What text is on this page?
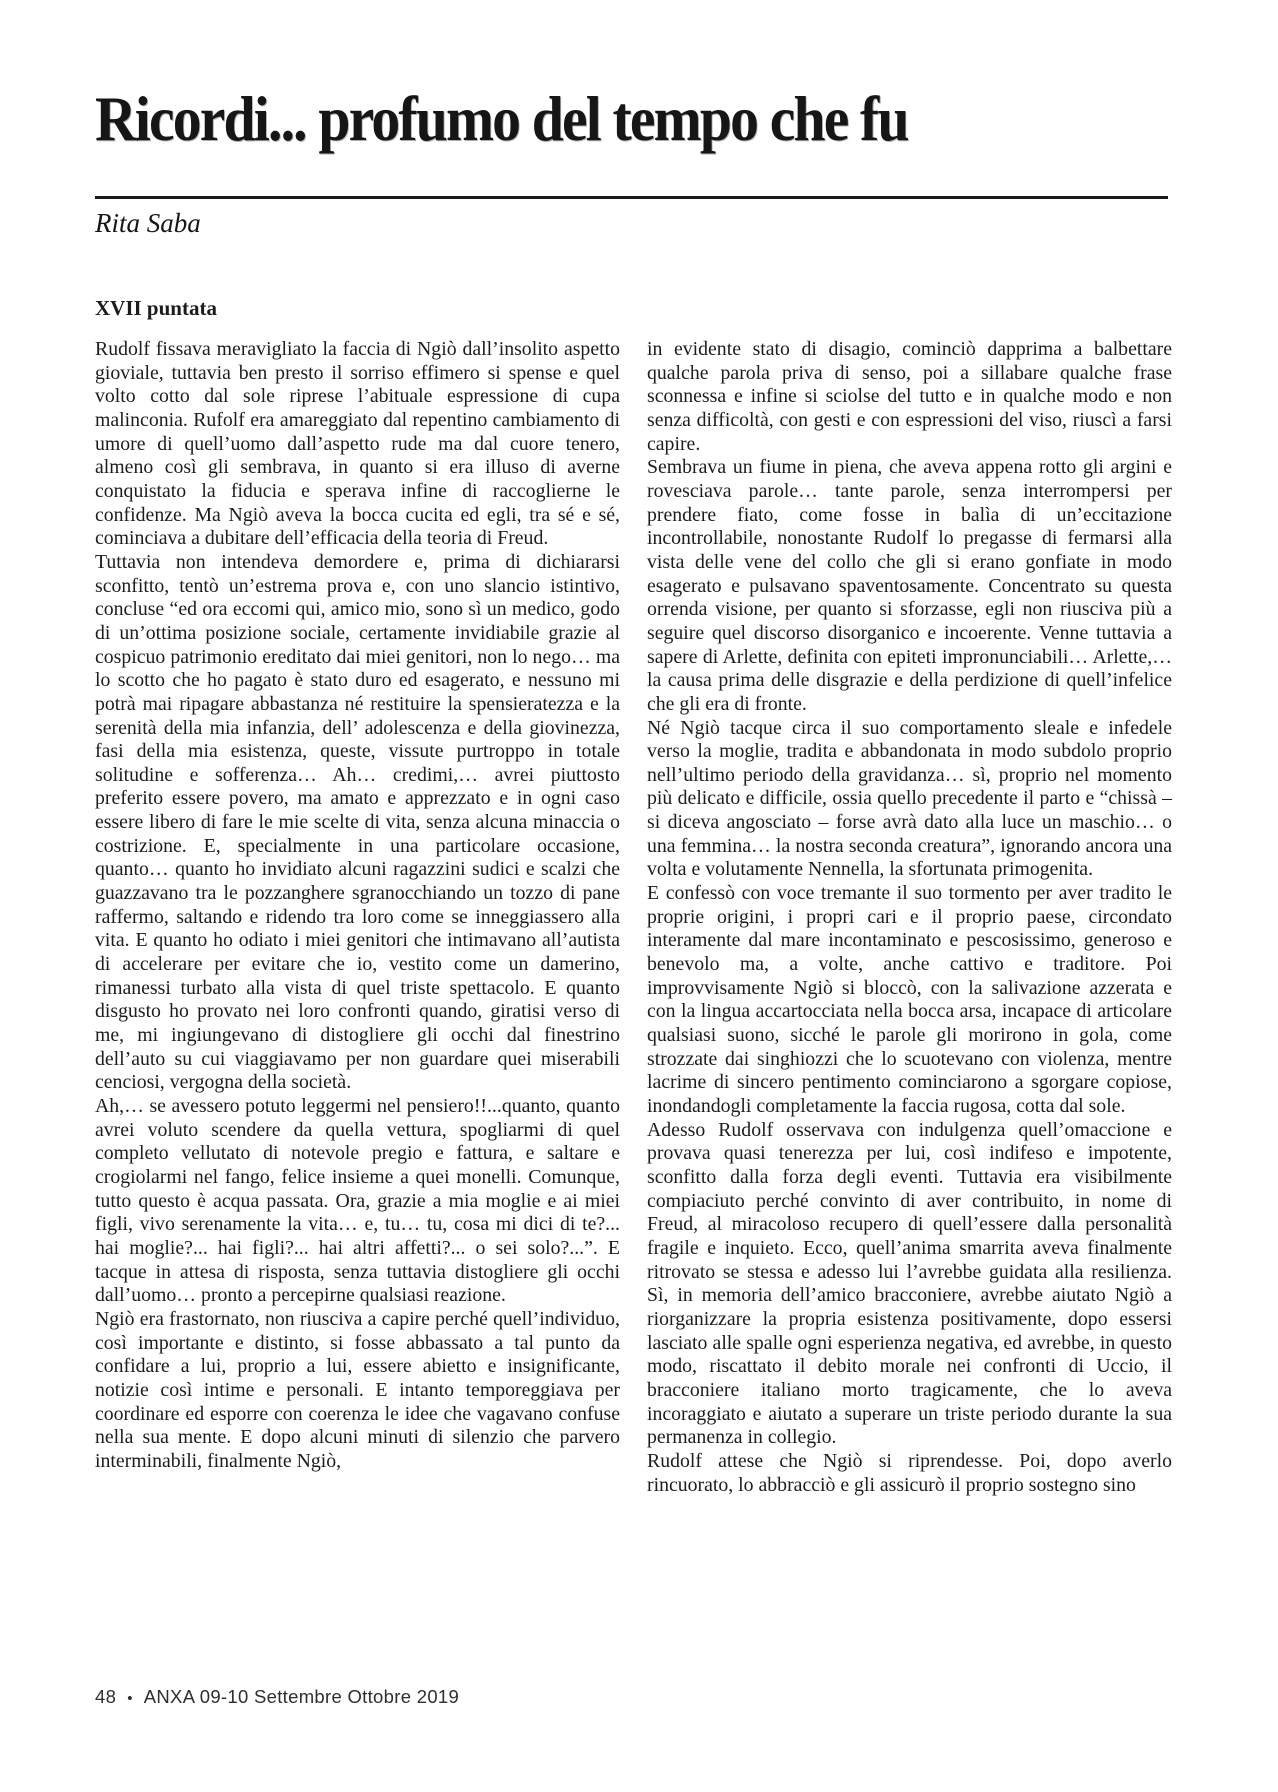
Ricordi... profumo del tempo che fu
Rita Saba
XVII puntata

Rudolf fissava meravigliato la faccia di Ngiò dall’insolito aspetto gioviale, tuttavia ben presto il sorriso effimero si spense e quel volto cotto dal sole riprese l’abituale espressione di cupa malinconia. Rufolf era amareggiato dal repentino cambiamento di umore di quell’uomo dall’aspetto rude ma dal cuore tenero, almeno così gli sembrava, in quanto si era illuso di averne conquistato la fiducia e sperava infine di raccoglierne le confidenze. Ma Ngiò aveva la bocca cucita ed egli, tra sé e sé, cominciava a dubitare dell’efficacia della teoria di Freud.

Tuttavia non intendeva demordere e, prima di dichiararsi sconfitto, tentò un’estrema prova e, con uno slancio istintivo, concluse “ed ora eccomi qui, amico mio, sono sì un medico, godo di un’ottima posizione sociale, certamente invidiabile grazie al cospicuo patrimonio ereditato dai miei genitori, non lo nego… ma lo scotto che ho pagato è stato duro ed esagerato, e nessuno mi potrà mai ripagare abbastanza né restituire la spensieratezza e la serenità della mia infanzia, dell’ adolescenza e della giovinezza, fasi della mia esistenza, queste, vissute purtroppo in totale solitudine e sofferenza… Ah… credimi,… avrei piuttosto preferito essere povero, ma amato e apprezzato e in ogni caso essere libero di fare le mie scelte di vita, senza alcuna minaccia o costrizione. E, specialmente in una particolare occasione, quanto… quanto ho invidiato alcuni ragazzini sudici e scalzi che guazzavano tra le pozzanghere sgranocchiando un tozzo di pane raffermo, saltando e ridendo tra loro come se inneggiassero alla vita. E quanto ho odiato i miei genitori che intimavano all’autista di accelerare per evitare che io, vestito come un damerino, rimanessi turbato alla vista di quel triste spettacolo. E quanto disgusto ho provato nei loro confronti quando, giratisi verso di me, mi ingiungevano di distogliere gli occhi dal finestrino dell’auto su cui viaggiavamo per non guardare quei miserabili cenciosi, vergogna della società.

Ah,… se avessero potuto leggermi nel pensiero!!...quanto, quanto avrei voluto scendere da quella vettura, spogliarmi di quel completo vellutato di notevole pregio e fattura, e saltare e crogiolarmi nel fango, felice insieme a quei monelli. Comunque, tutto questo è acqua passata. Ora, grazie a mia moglie e ai miei figli, vivo serenamente la vita… e, tu… tu, cosa mi dici di te?... hai moglie?... hai figli?... hai altri affetti?... o sei solo?...”. E tacque in attesa di risposta, senza tuttavia distogliere gli occhi dall’uomo… pronto a percepirne qualsiasi reazione.

Ngiò era frastornato, non riusciva a capire perché quell’individuo, così importante e distinto, si fosse abbassato a tal punto da confidare a lui, proprio a lui, essere abietto e insignificante, notizie così intime e personali. E intanto temporeggiava per coordinare ed esporre con coerenza le idee che vagavano confuse nella sua mente. E dopo alcuni minuti di silenzio che parvero interminabili, finalmente Ngiò,

in evidente stato di disagio, cominciò dapprima a balbettare qualche parola priva di senso, poi a sillabare qualche frase sconnessa e infine si sciolse del tutto e in qualche modo e non senza difficoltà, con gesti e con espressioni del viso, riuscì a farsi capire.

Sembrava un fiume in piena, che aveva appena rotto gli argini e rovesciava parole… tante parole, senza interrompersi per prendere fiato, come fosse in balìa di un’eccitazione incontrollabile, nonostante Rudolf lo pregasse di fermarsi alla vista delle vene del collo che gli si erano gonfiate in modo esagerato e pulsavano spaventosamente. Concentrato su questa orrenda visione, per quanto si sforzasse, egli non riusciva più a seguire quel discorso disorganico e incoerente. Venne tuttavia a sapere di Arlette, definita con epiteti impronunciabili… Arlette,… la causa prima delle disgrazie e della perdizione di quell’infelice che gli era di fronte.

Né Ngiò tacque circa il suo comportamento sleale e infedele verso la moglie, tradita e abbandonata in modo subdolo proprio nell’ultimo periodo della gravidanza… sì, proprio nel momento più delicato e difficile, ossia quello precedente il parto e “chissà – si diceva angosciato – forse avrà dato alla luce un maschio… o una femmina… la nostra seconda creatura”, ignorando ancora una volta e volutamente Nennella, la sfortunata primogenita.

E confessò con voce tremante il suo tormento per aver tradito le proprie origini, i propri cari e il proprio paese, circondato interamente dal mare incontaminato e pescosissimo, generoso e benevolo ma, a volte, anche cattivo e traditore. Poi improvvisamente Ngiò si bloccò, con la salivazione azzerata e con la lingua accartocciata nella bocca arsa, incapace di articolare qualsiasi suono, sicché le parole gli morirono in gola, come strozzate dai singhiozzi che lo scuotevano con violenza, mentre lacrime di sincero pentimento cominciarono a sgorgare copiose, inondandogli completamente la faccia rugosa, cotta dal sole.

Adesso Rudolf osservava con indulgenza quell’omaccione e provava quasi tenerezza per lui, così indifeso e impotente, sconfitto dalla forza degli eventi. Tuttavia era visibilmente compiaciuto perché convinto di aver contribuito, in nome di Freud, al miracoloso recupero di quell’essere dalla personalità fragile e inquieto. Ecco, quell’anima smarrita aveva finalmente ritrovato se stessa e adesso lui l’avrebbe guidata alla resilienza. Sì, in memoria dell’amico bracconiere, avrebbe aiutato Ngiò a riorganizzare la propria esistenza positivamente, dopo essersi lasciato alle spalle ogni esperienza negativa, ed avrebbe, in questo modo, riscattato il debito morale nei confronti di Uccio, il bracconiere italiano morto tragicamente, che lo aveva incoraggiato e aiutato a superare un triste periodo durante la sua permanenza in collegio.

Rudolf attese che Ngiò si riprendesse. Poi, dopo averlo rincuorato, lo abbracciò e gli assicurò il proprio sostegno sino

48 • ANXA 09-10 Settembre Ottobre 2019
